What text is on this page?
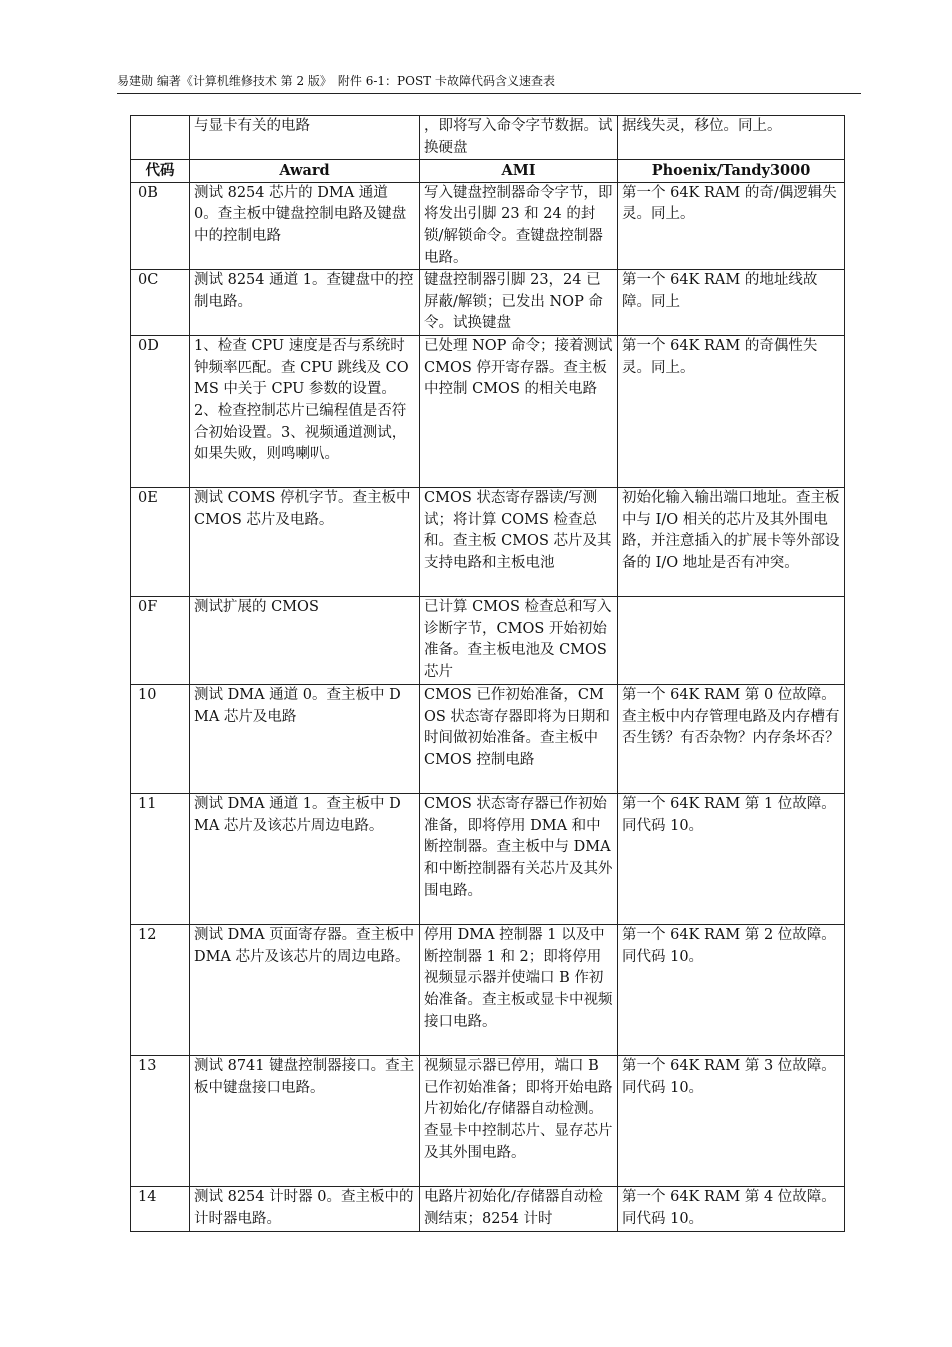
易建勋 编著《计算机维修技术 第 2 版》　附件 6-1：POST 卡故障代码含义速查表
	与显卡有关的电路	，即将写入命令字节数据。试换硬盘	据线失灵，移位。同上。
代码	Award	AMI	Phoenix/Tandy3000
0B	测试 8254 芯片的 DMA 通道 0。查主板中键盘控制电路及键盘中的控制电路	写入键盘控制器命令字节，即将发出引脚 23 和 24 的封锁/解锁命令。查键盘控制器电路。	第一个 64K RAM 的奇/偶逻辑失灵。同上。
0C	测试 8254 通道 1。查键盘中的控制电路。	键盘控制器引脚 23，24 已屏蔽/解锁；已发出 NOP 命令。试换键盘	第一个 64K RAM 的地址线故障。同上
0D	1、检查 CPU 速度是否与系统时钟频率匹配。查 CPU 跳线及 COMS 中关于 CPU 参数的设置。2、检查控制芯片已编程值是否符合初始设置。3、视频通道测试，如果失败，则鸣喇叭。	已处理 NOP 命令；接着测试 CMOS 停开寄存器。查主板中控制 CMOS 的相关电路	第一个 64K RAM 的奇偶性失灵。同上。
0E	测试 COMS 停机字节。查主板中 CMOS 芯片及电路。	CMOS 状态寄存器读/写测试；将计算 COMS 检查总和。查主板 CMOS 芯片及其支持电路和主板电池	初始化输入输出端口地址。查主板中与 I/O 相关的芯片及其外围电路，并注意插入的扩展卡等外部设备的 I/O 地址是否有冲突。
0F	测试扩展的 CMOS	已计算 CMOS 检查总和写入诊断字节，CMOS 开始初始准备。查主板电池及 CMOS 芯片	
10	测试 DMA 通道 0。查主板中 DMA 芯片及电路	CMOS 已作初始准备，CMOS 状态寄存器即将为日期和时间做初始准备。查主板中 CMOS 控制电路	第一个 64K RAM 第 0 位故障。查主板中内存管理电路及内存槽有否生锈？有否杂物？内存条坏否？
11	测试 DMA 通道 1。查主板中 DMA 芯片及该芯片周边电路。	CMOS 状态寄存器已作初始准备，即将停用 DMA 和中断控制器。查主板中与 DMA 和中断控制器有关芯片及其外围电路。	第一个 64K RAM 第 1 位故障。同代码 10。
12	测试 DMA 页面寄存器。查主板中 DMA 芯片及该芯片的周边电路。	停用 DMA 控制器 1 以及中断控制器 1 和 2；即将停用视频显示器并使端口 B 作初始准备。查主板或显卡中视频接口电路。	第一个 64K RAM 第 2 位故障。同代码 10。
13	测试 8741 键盘控制器接口。查主板中键盘接口电路。	视频显示器已停用，端口 B 已作初始准备；即将开始电路片初始化/存储器自动检测。查显卡中控制芯片、显存芯片及其外围电路。	第一个 64K RAM 第 3 位故障。同代码 10。
14	测试 8254 计时器 0。查主板中的计时器电路。	电路片初始化/存储器自动检测结束；8254 计时	第一个 64K RAM 第 4 位故障。同代码 10。
